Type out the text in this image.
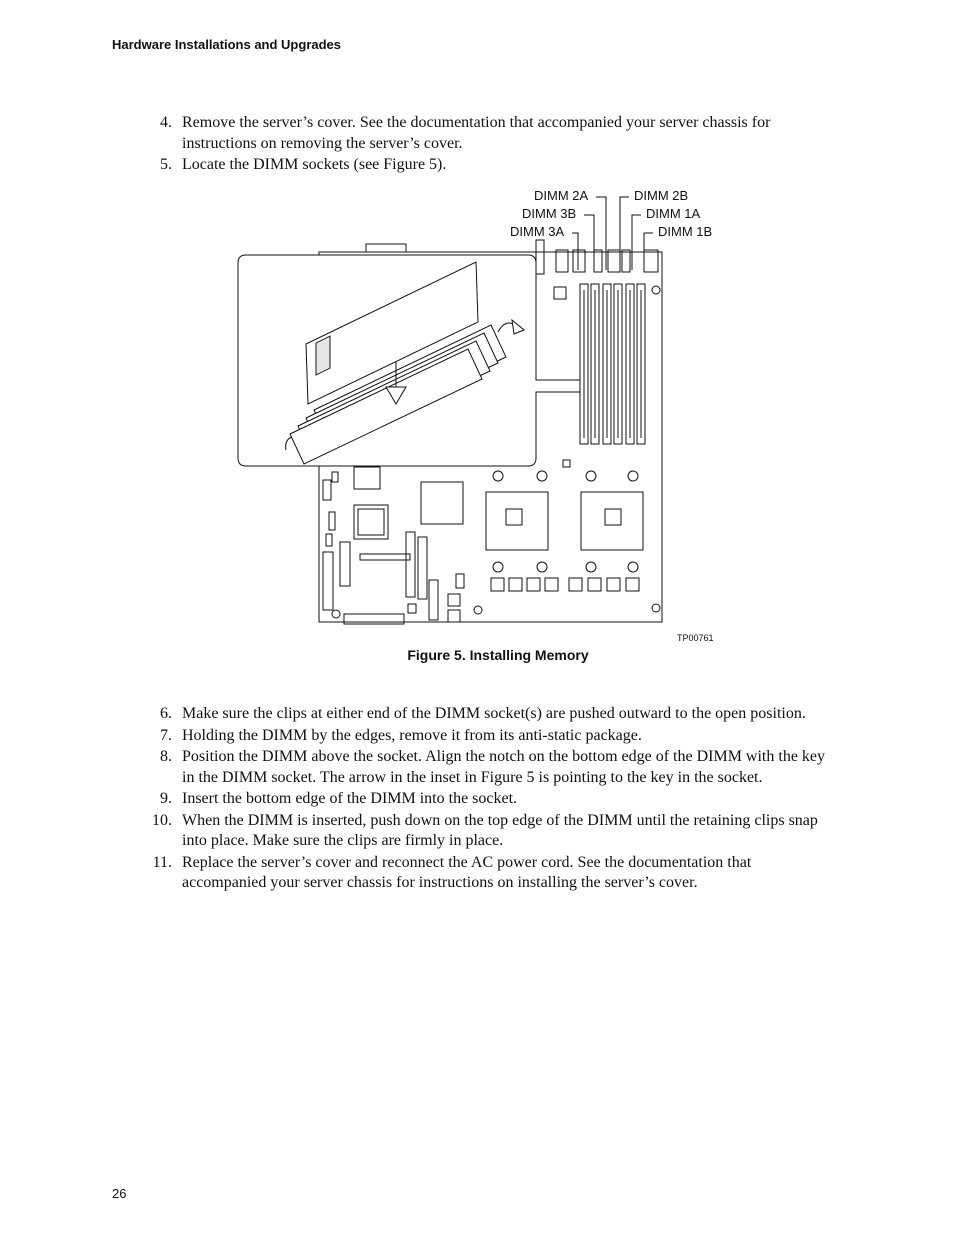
Hardware Installations and Upgrades
4. Remove the server’s cover. See the documentation that accompanied your server chassis for instructions on removing the server’s cover.
5. Locate the DIMM sockets (see Figure 5).
DIMM 2A
DIMM 3B
DIMM 3A
DIMM 2B
DIMM 1A
DIMM 1B
TP00761
Figure 5. Installing Memory
6. Make sure the clips at either end of the DIMM socket(s) are pushed outward to the open position.
7. Holding the DIMM by the edges, remove it from its anti-static package.
8. Position the DIMM above the socket. Align the notch on the bottom edge of the DIMM with the key in the DIMM socket. The arrow in the inset in Figure 5 is pointing to the key in the socket.
9. Insert the bottom edge of the DIMM into the socket.
10. When the DIMM is inserted, push down on the top edge of the DIMM until the retaining clips snap into place. Make sure the clips are firmly in place.
11. Replace the server’s cover and reconnect the AC power cord. See the documentation that accompanied your server chassis for instructions on installing the server’s cover.
26
